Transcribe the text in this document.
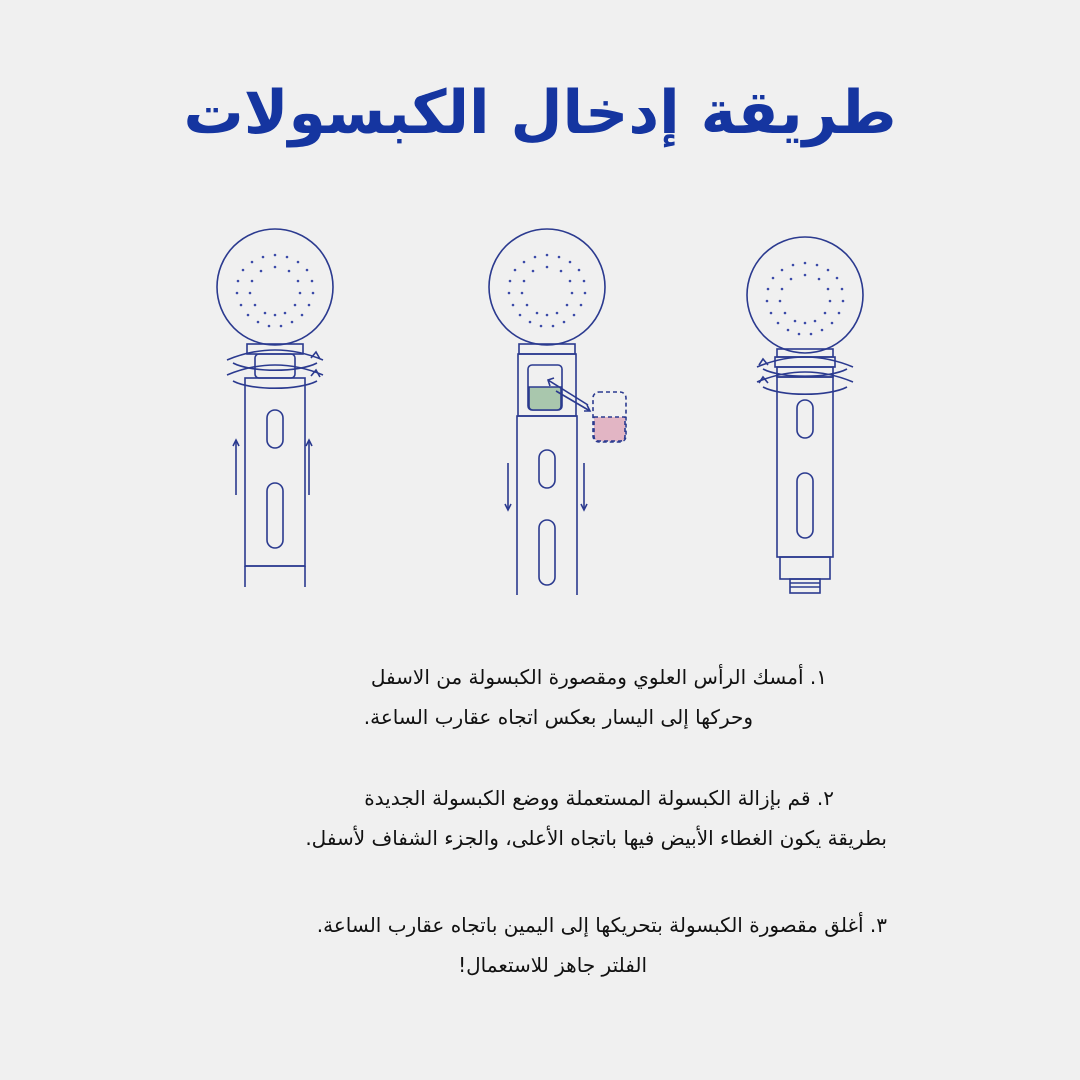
طريقة إدخال الكبسولات
١. أمسك الرأس العلوي ومقصورة الكبسولة من الاسفل
وحركها إلى اليسار بعكس اتجاه عقارب الساعة.
٢. قم بإزالة الكبسولة المستعملة ووضع الكبسولة الجديدة
بطريقة يكون الغطاء الأبيض فيها باتجاه الأعلى، والجزء الشفاف لأسفل.
٣. أغلق مقصورة الكبسولة بتحريكها إلى اليمين باتجاه عقارب الساعة.
الفلتر جاهز للاستعمال!
